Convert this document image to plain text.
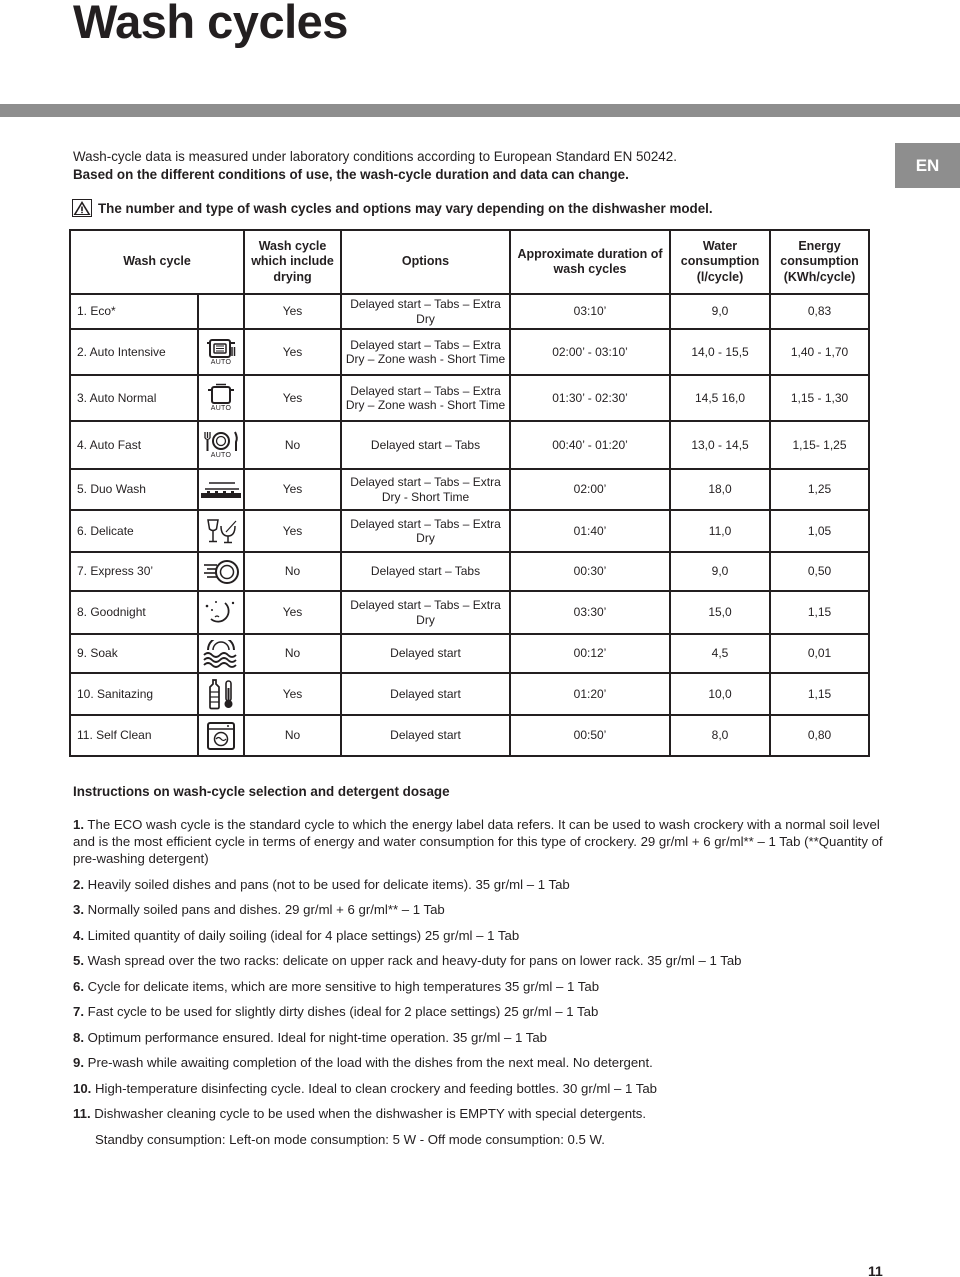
Wash cycles
Wash-cycle data is measured under laboratory conditions according to European Standard EN 50242.
Based on the different conditions of use, the wash-cycle duration and data can change.	EN
The number and type of wash cycles and options may vary depending on the dishwasher model.
Wash cycle		Wash cycle which include drying	Options	Approximate duration of wash cycles	Water consumption (l/cycle)	Energy consumption (KWh/cycle)
1. Eco*		Yes	Delayed start – Tabs – Extra Dry	03:10’	9,0	0,83
2. Auto Intensive	AUTO	Yes	Delayed start – Tabs – Extra Dry – Zone wash - Short Time	02:00’ - 03:10’	14,0 - 15,5	1,40 - 1,70
3. Auto Normal	AUTO	Yes	Delayed start – Tabs – Extra Dry – Zone wash - Short Time	01:30’ - 02:30’	14,5 16,0	1,15 - 1,30
4. Auto Fast	AUTO	No	Delayed start – Tabs	00:40’ - 01:20’	13,0 - 14,5	1,15- 1,25
5. Duo Wash		Yes	Delayed start – Tabs – Extra Dry - Short Time	02:00’	18,0	1,25
6. Delicate		Yes	Delayed start – Tabs – Extra Dry	01:40’	11,0	1,05
7. Express 30’		No	Delayed start – Tabs	00:30’	9,0	0,50
8. Goodnight		Yes	Delayed start – Tabs – Extra Dry	03:30’	15,0	1,15
9. Soak		No	Delayed start	00:12’	4,5	0,01
10. Sanitazing		Yes	Delayed start	01:20’	10,0	1,15
11. Self Clean		No	Delayed start	00:50’	8,0	0,80
Instructions on wash-cycle selection and detergent dosage

1. The ECO wash cycle is the standard cycle to which the energy label data refers. It can be used to wash crockery with a normal soil level and is the most efficient cycle in terms of energy and water consumption for this type of crockery. 29 gr/ml + 6 gr/ml** – 1 Tab (**Quantity of pre-washing detergent)

2. Heavily soiled dishes and pans (not to be used for delicate items). 35 gr/ml – 1 Tab

3. Normally soiled pans and dishes. 29 gr/ml + 6 gr/ml** – 1 Tab

4. Limited quantity of daily soiling (ideal for 4 place settings) 25 gr/ml – 1 Tab

5. Wash spread over the two racks: delicate on upper rack and heavy-duty for pans on lower rack. 35 gr/ml – 1 Tab

6. Cycle for delicate items, which are more sensitive to high temperatures 35 gr/ml – 1 Tab

7. Fast cycle to be used for slightly dirty dishes (ideal for 2 place settings) 25 gr/ml – 1 Tab

8. Optimum performance ensured. Ideal for night-time operation. 35 gr/ml – 1 Tab

9. Pre-wash while awaiting completion of the load with the dishes from the next meal. No detergent.

10. High-temperature disinfecting cycle. Ideal to clean crockery and feeding bottles. 30 gr/ml – 1 Tab

11. Dishwasher cleaning cycle to be used when the dishwasher is EMPTY with special detergents.

Standby consumption: Left-on mode consumption: 5 W - Off mode consumption: 0.5 W.

11
